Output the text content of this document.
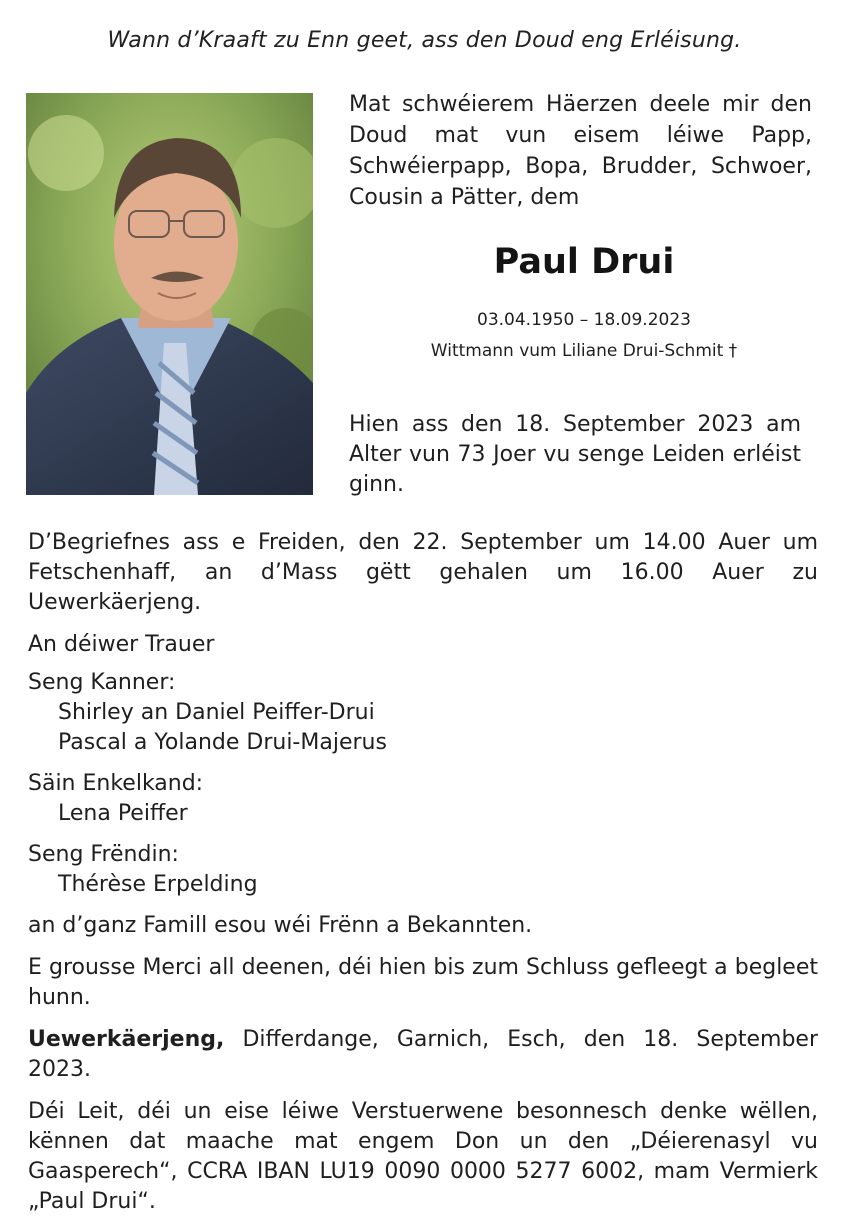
Wann d’Kraaft zu Enn geet, ass den Doud eng Erléisung.
Mat schwéierem Häerzen deele mir den Doud mat vun eisem léiwe Papp, Schwéierpapp, Bopa, Brudder, Schwoer, Cousin a Pätter, dem
Paul Drui
03.04.1950 – 18.09.2023
Wittmann vum Liliane Drui-Schmit †
Hien ass den 18. September 2023 am Alter vun 73 Joer vu senge Leiden erléist ginn.

D’Begriefnes ass e Freiden, den 22. September um 14.00 Auer um Fetschenhaff, an d’Mass gëtt gehalen um 16.00 Auer zu Uewerkäerjeng.

An déiwer Trauer

Seng Kanner:

Shirley an Daniel Peiffer-Drui

Pascal a Yolande Drui-Majerus

Säin Enkelkand:

Lena Peiffer

Seng Frëndin:

Thérèse Erpelding

an d’ganz Famill esou wéi Frënn a Bekannten.

E grousse Merci all deenen, déi hien bis zum Schluss gefleegt a begleet hunn.

Uewerkäerjeng, Differdange, Garnich, Esch, den 18. September 2023.

Déi Leit, déi un eise léiwe Verstuerwene besonnesch denke wëllen, kënnen dat maache mat engem Don un den „Déierenasyl vu Gaasperech“, CCRA IBAN LU19 0090 0000 5277 6002, mam Vermierk „Paul Drui“.
